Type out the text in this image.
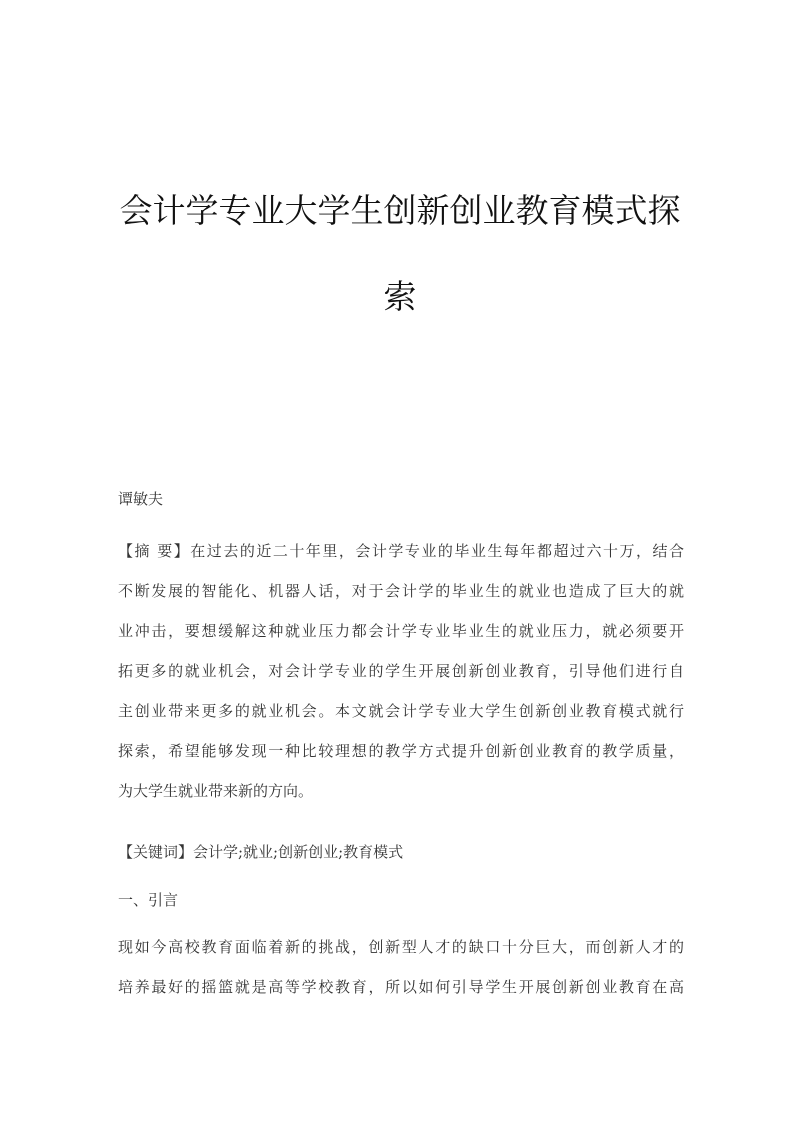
会计学专业大学生创新创业教育模式探
索
谭敏夫
【摘 要】在过去的近二十年里，会计学专业的毕业生每年都超过六十万，结合
不断发展的智能化、机器人话，对于会计学的毕业生的就业也造成了巨大的就
业冲击，要想缓解这种就业压力都会计学专业毕业生的就业压力，就必须要开
拓更多的就业机会，对会计学专业的学生开展创新创业教育，引导他们进行自
主创业带来更多的就业机会。本文就会计学专业大学生创新创业教育模式就行
探索，希望能够发现一种比较理想的教学方式提升创新创业教育的教学质量，
为大学生就业带来新的方向。
【关键词】会计学;就业;创新创业;教育模式
一、引言
现如今高校教育面临着新的挑战，创新型人才的缺口十分巨大，而创新人才的
培养最好的摇篮就是高等学校教育，所以如何引导学生开展创新创业教育在高
